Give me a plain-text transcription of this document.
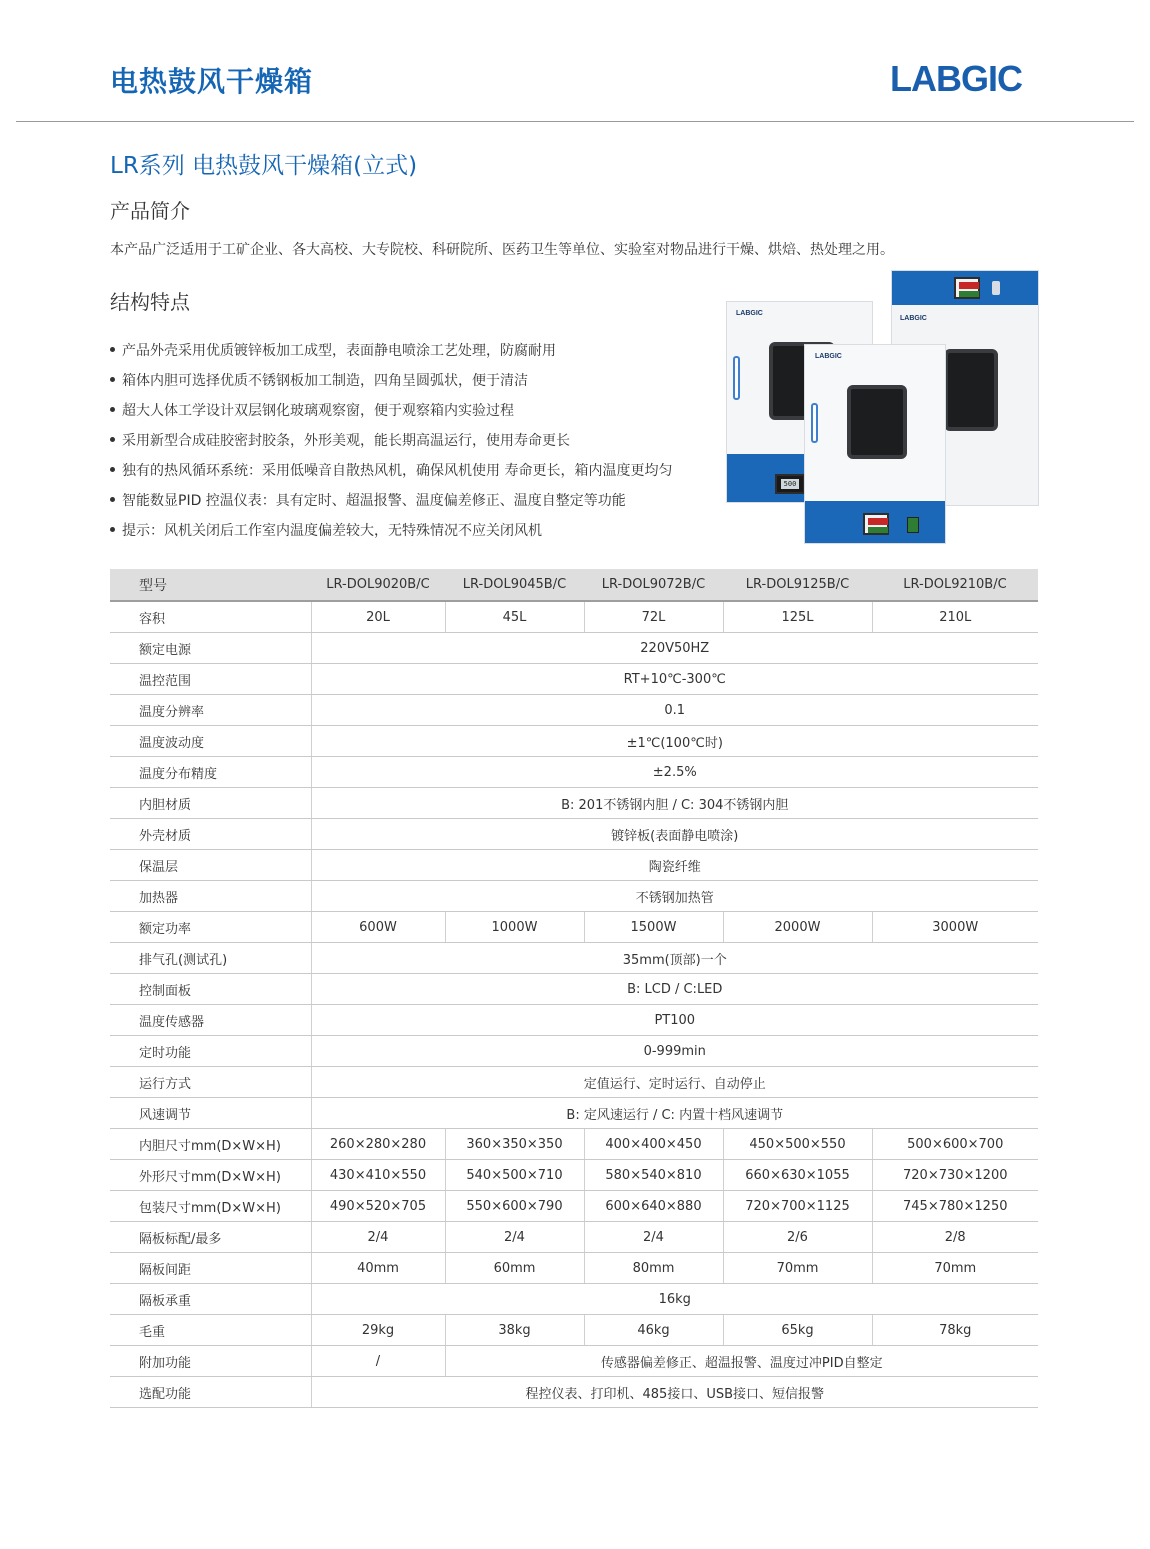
电热鼓风干燥箱	LABGIC
LR系列 电热鼓风干燥箱(立式)
产品简介
本产品广泛适用于工矿企业、各大高校、大专院校、科研院所、医药卫生等单位、实验室对物品进行干燥、烘焙、热处理之用。
结构特点
产品外壳采用优质镀锌板加工成型，表面静电喷涂工艺处理，防腐耐用
箱体内胆可选择优质不锈钢板加工制造，四角呈圆弧状，便于清洁
超大人体工学设计双层钢化玻璃观察窗，便于观察箱内实验过程
采用新型合成硅胶密封胶条，外形美观，能长期高温运行，使用寿命更长
独有的热风循环系统：采用低噪音自散热风机，确保风机使用 寿命更长，箱内温度更均匀
智能数显PID 控温仪表：具有定时、超温报警、温度偏差修正、温度自整定等功能
提示：风机关闭后工作室内温度偏差较大，无特殊情况不应关闭风机
LABGIC
LABGIC
500
LABGIC
型号	LR-DOL9020B/C	LR-DOL9045B/C	LR-DOL9072B/C	LR-DOL9125B/C	LR-DOL9210B/C
容积	20L	45L	72L	125L	210L
额定电源	220V50HZ				
温控范围	RT+10℃-300℃				
温度分辨率	0.1				
温度波动度	±1℃(100℃时)				
温度分布精度	±2.5%				
内胆材质	B: 201不锈钢内胆 / C: 304不锈钢内胆				
外壳材质	镀锌板(表面静电喷涂)				
保温层	陶瓷纤维				
加热器	不锈钢加热管				
额定功率	600W	1000W	1500W	2000W	3000W
排气孔(测试孔)	35mm(顶部)一个				
控制面板	B: LCD / C:LED				
温度传感器	PT100				
定时功能	0-999min				
运行方式	定值运行、定时运行、自动停止				
风速调节	B: 定风速运行 / C: 内置十档风速调节				
内胆尺寸mm(D×W×H)	260×280×280	360×350×350	400×400×450	450×500×550	500×600×700
外形尺寸mm(D×W×H)	430×410×550	540×500×710	580×540×810	660×630×1055	720×730×1200
包装尺寸mm(D×W×H)	490×520×705	550×600×790	600×640×880	720×700×1125	745×780×1250
隔板标配/最多	2/4	2/4	2/4	2/6	2/8
隔板间距	40mm	60mm	80mm	70mm	70mm
隔板承重	16kg				
毛重	29kg	38kg	46kg	65kg	78kg
附加功能	/	传感器偏差修正、超温报警、温度过冲PID自整定			
选配功能	程控仪表、打印机、485接口、USB接口、短信报警				
